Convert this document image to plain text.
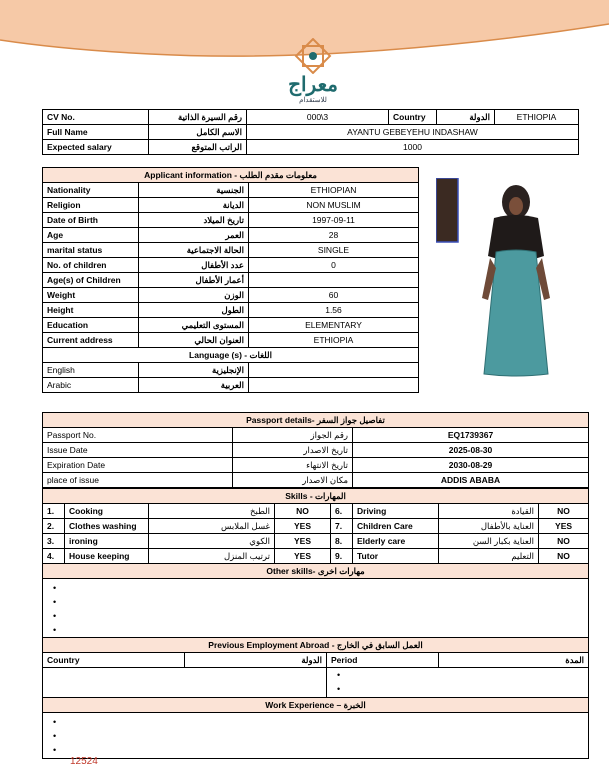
معراج
للاستقدام
CV No.	رقم السيرة الذاتية	000\3	Country	الدولة	ETHIOPIA
Full Name	الاسم الكامل	AYANTU GEBEYEHU INDASHAW			
Expected salary	الراتب المتوقع	1000			
Applicant information - معلومات مقدم الطلب		
Nationality	الجنسية	ETHIOPIAN
Religion	الديانة	NON MUSLIM
Date of Birth	تاريخ الميلاد	1997-09-11
Age	العمر	28
marital status	الحالة الاجتماعية	SINGLE
No. of children	عدد الأطفال	0
Age(s) of Children	أعمار الأطفال	
Weight	الوزن	60
Height	الطول	1.56
Education	المستوى التعليمي	ELEMENTARY
Current address	العنوان الحالي	ETHIOPIA
Language (s) - اللغات		
English	الإنجليزية	
Arabic	العربية	
Passport details- تفاصيل جواز السفر		
Passport No.	رقم الجواز	EQ1739367
Issue Date	تاريخ الاصدار	2025-08-30
Expiration Date	تاريخ الانتهاء	2030-08-29
place of issue	مكان الاصدار	ADDIS ABABA
Skills - المهارات							
1.	Cooking	الطبخ	NO	6.	Driving	القيادة	NO
2.	Clothes washing	غسل الملابس	YES	7.	Children Care	العناية بالأطفال	YES
3.	ironing	الكوي	YES	8.	Elderly care	العناية بكبار السن	NO
4.	House keeping	ترتيب المنزل	YES	9.	Tutor	التعليم	NO
Other skills- مهارات اخرى							

•
•
•
•
Previous Employment Abroad - العمل السابق في الخارج			
Country	الدولة	Period	المدة

•
•

Work Experience – الخبرة			

•
•
•
12524
